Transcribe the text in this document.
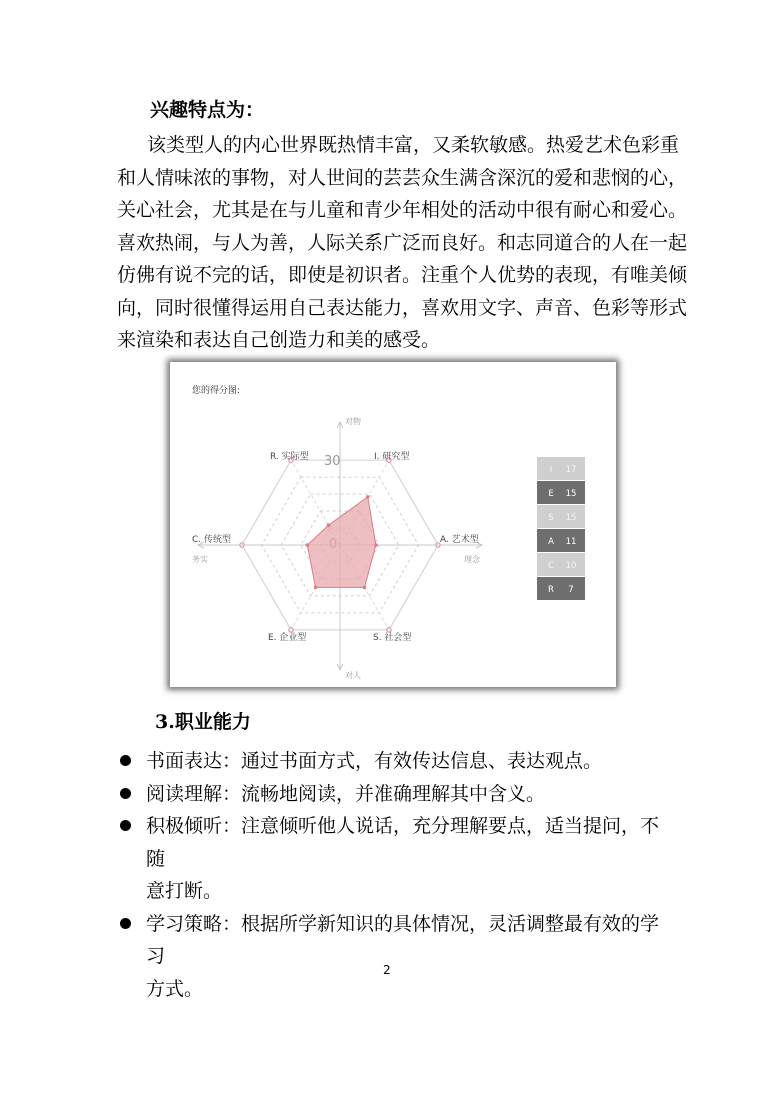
兴趣特点为：
该类型人的内心世界既热情丰富，又柔软敏感。热爱艺术色彩重
和人情味浓的事物，对人世间的芸芸众生满含深沉的爱和悲悯的心，
关心社会，尤其是在与儿童和青少年相处的活动中很有耐心和爱心。
喜欢热闹，与人为善，人际关系广泛而良好。和志同道合的人在一起
仿佛有说不完的话，即使是初识者。注重个人优势的表现，有唯美倾
向，同时很懂得运用自己表达能力，喜欢用文字、声音、色彩等形式
来渲染和表达自己创造力和美的感受。
您的得分图:
对物
对人
务实	理念
30
R. 实际型	I. 研究型
A. 艺术型
S. 社会型
E. 企业型
C. 传统型
I 17
E 15
S 15
A 11
C 10
R 7
3.职业能力
书面表达：通过书面方式，有效传达信息、表达观点。
阅读理解：流畅地阅读，并准确理解其中含义。
积极倾听：注意倾听他人说话，充分理解要点，适当提问，不随
意打断。
学习策略：根据所学新知识的具体情况，灵活调整最有效的学习
方式。
2
